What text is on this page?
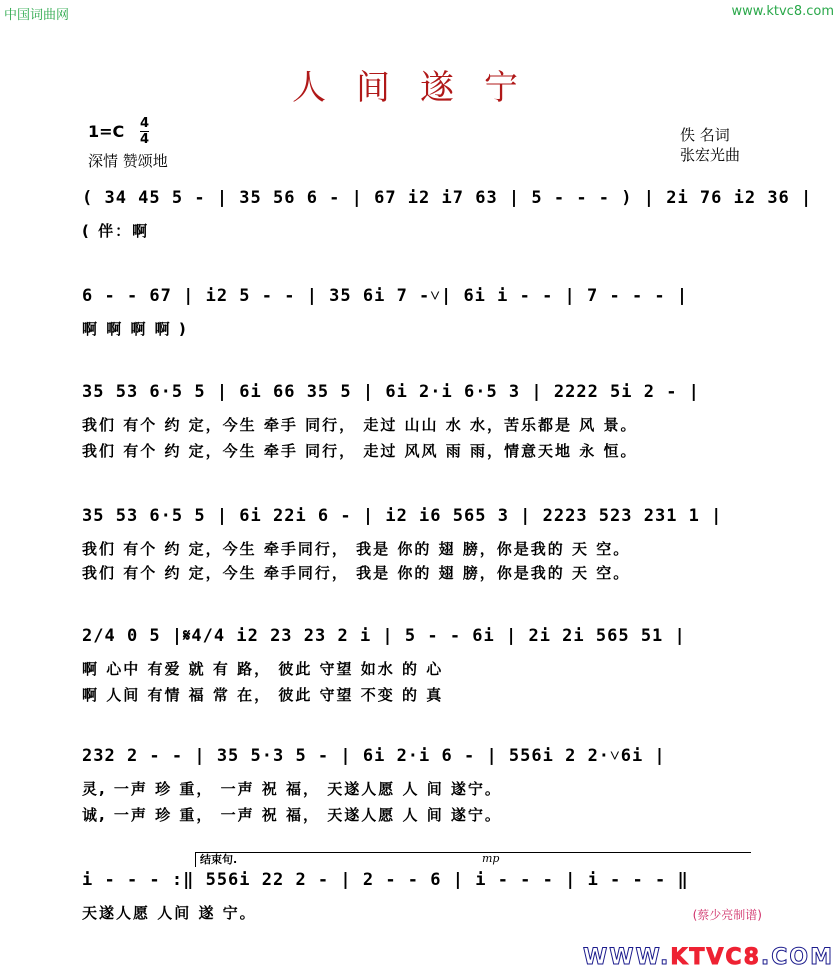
中国词曲网	www.ktvc8.com
人间遂宁
1=C 4
4
深情 赞颂地
佚 名词
张宏光曲
( 34 45 5 - | 35 56 6 - | 67 i2 i7 63 | 5 - - - ) | 2i 76 i2 36 |
( 伴：啊
6 - - 67 | i2 5 - - | 35 6i 7 -˅| 6i i - - | 7 - - - |
啊 啊 啊 啊 )
35 53 6·5 5 | 6i 66 35 5 | 6i 2·i 6·5 3 | 2222 5i 2 - |
我们 有个 约 定，今生 牵手 同行， 走过 山山 水 水，苦乐都是 风 景。
我们 有个 约 定，今生 牵手 同行， 走过 风风 雨 雨，情意天地 永 恒。
35 53 6·5 5 | 6i 22i 6 - | i2 i6 565 3 | 2223 523 231 1 |
我们 有个 约 定，今生 牵手同行， 我是 你的 翅 膀，你是我的 天 空。
我们 有个 约 定，今生 牵手同行， 我是 你的 翅 膀，你是我的 天 空。
2/4 0 5 |𝄋4/4 i2 23 23 2 i | 5 - - 6i | 2i 2i 565 51 |
啊 心中 有爱 就 有 路， 彼此 守望 如水 的 心
啊 人间 有情 福 常 在， 彼此 守望 不变 的 真
232 2 - - | 35 5·3 5 - | 6i 2·i 6 - | 556i 2 2·˅6i |
灵, 一声 珍 重， 一声 祝 福， 天遂人愿 人 间 遂宁。
诚, 一声 珍 重， 一声 祝 福， 天遂人愿 人 间 遂宁。
结束句.	mp
i - - - :‖ 556i 22 2 - | 2 - - 6 | i - - - | i - - - ‖
天遂人愿 人间 遂 宁。	(蔡少亮制谱)
WWW.KTVC8.COM
